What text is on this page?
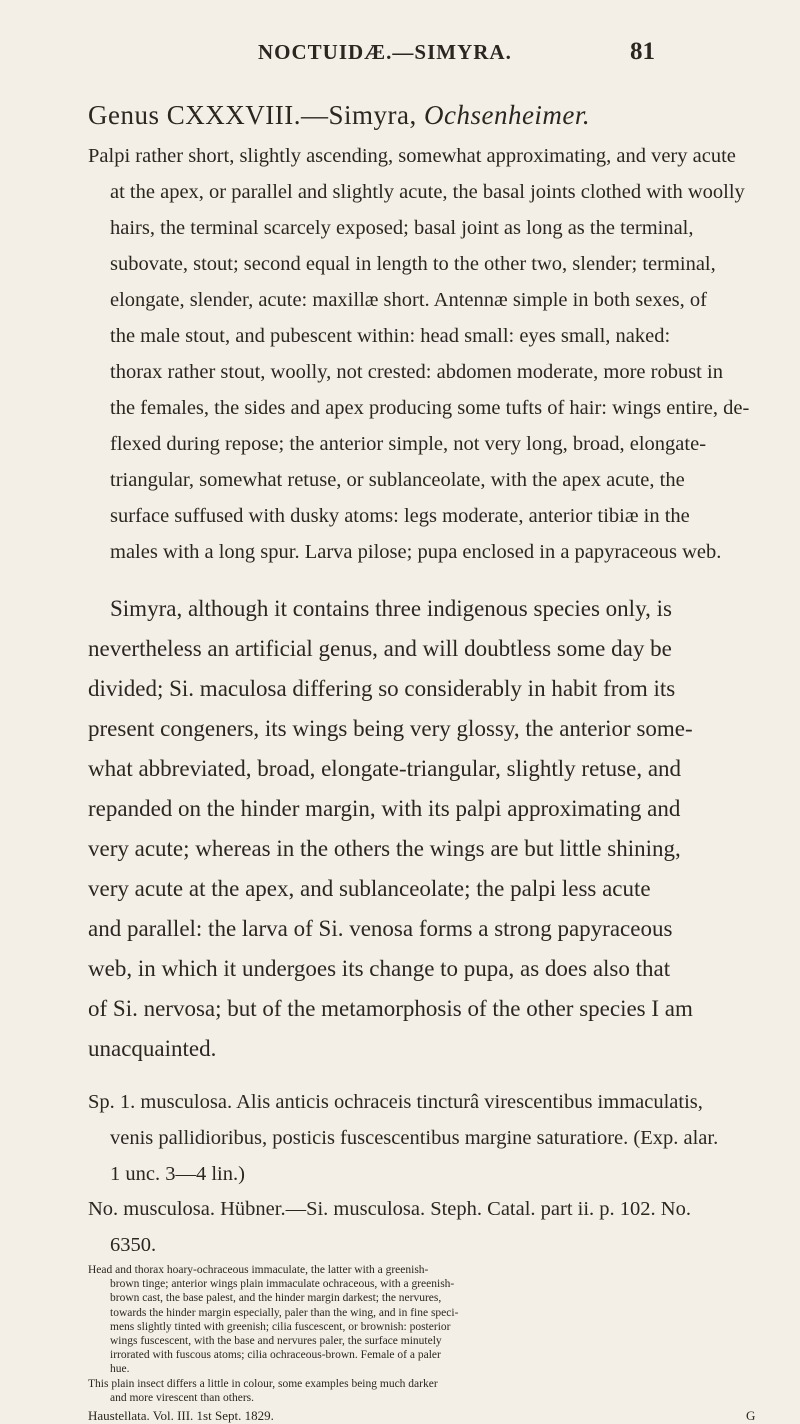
NOCTUIDÆ.—SIMYRA.	81
Genus CXXXVIII.—Simyra, Ochsenheimer.
Palpi rather short, slightly ascending, somewhat approximating, and very acute
at the apex, or parallel and slightly acute, the basal joints clothed with woolly
hairs, the terminal scarcely exposed; basal joint as long as the terminal,
subovate, stout; second equal in length to the other two, slender; terminal,
elongate, slender, acute: maxillæ short. Antennæ simple in both sexes, of
the male stout, and pubescent within: head small: eyes small, naked:
thorax rather stout, woolly, not crested: abdomen moderate, more robust in
the females, the sides and apex producing some tufts of hair: wings entire, de-
flexed during repose; the anterior simple, not very long, broad, elongate-
triangular, somewhat retuse, or sublanceolate, with the apex acute, the
surface suffused with dusky atoms: legs moderate, anterior tibiæ in the
males with a long spur. Larva pilose; pupa enclosed in a papyraceous web.
Simyra, although it contains three indigenous species only, is
nevertheless an artificial genus, and will doubtless some day be
divided; Si. maculosa differing so considerably in habit from its
present congeners, its wings being very glossy, the anterior some-
what abbreviated, broad, elongate-triangular, slightly retuse, and
repanded on the hinder margin, with its palpi approximating and
very acute; whereas in the others the wings are but little shining,
very acute at the apex, and sublanceolate; the palpi less acute
and parallel: the larva of Si. venosa forms a strong papyraceous
web, in which it undergoes its change to pupa, as does also that
of Si. nervosa; but of the metamorphosis of the other species I am
unacquainted.
Sp. 1. musculosa. Alis anticis ochraceis tincturâ virescentibus immaculatis,
venis pallidioribus, posticis fuscescentibus margine saturatiore. (Exp. alar.
1 unc. 3—4 lin.)
No. musculosa. Hübner.—Si. musculosa. Steph. Catal. part ii. p. 102. No.
6350.
Head and thorax hoary-ochraceous immaculate, the latter with a greenish-
brown tinge; anterior wings plain immaculate ochraceous, with a greenish-
brown cast, the base palest, and the hinder margin darkest; the nervures,
towards the hinder margin especially, paler than the wing, and in fine speci-
mens slightly tinted with greenish; cilia fuscescent, or brownish: posterior
wings fuscescent, with the base and nervures paler, the surface minutely
irrorated with fuscous atoms; cilia ochraceous-brown. Female of a paler
hue.
This plain insect differs a little in colour, some examples being much darker
and more virescent than others.
Haustellata. Vol. III. 1st Sept. 1829.	G
